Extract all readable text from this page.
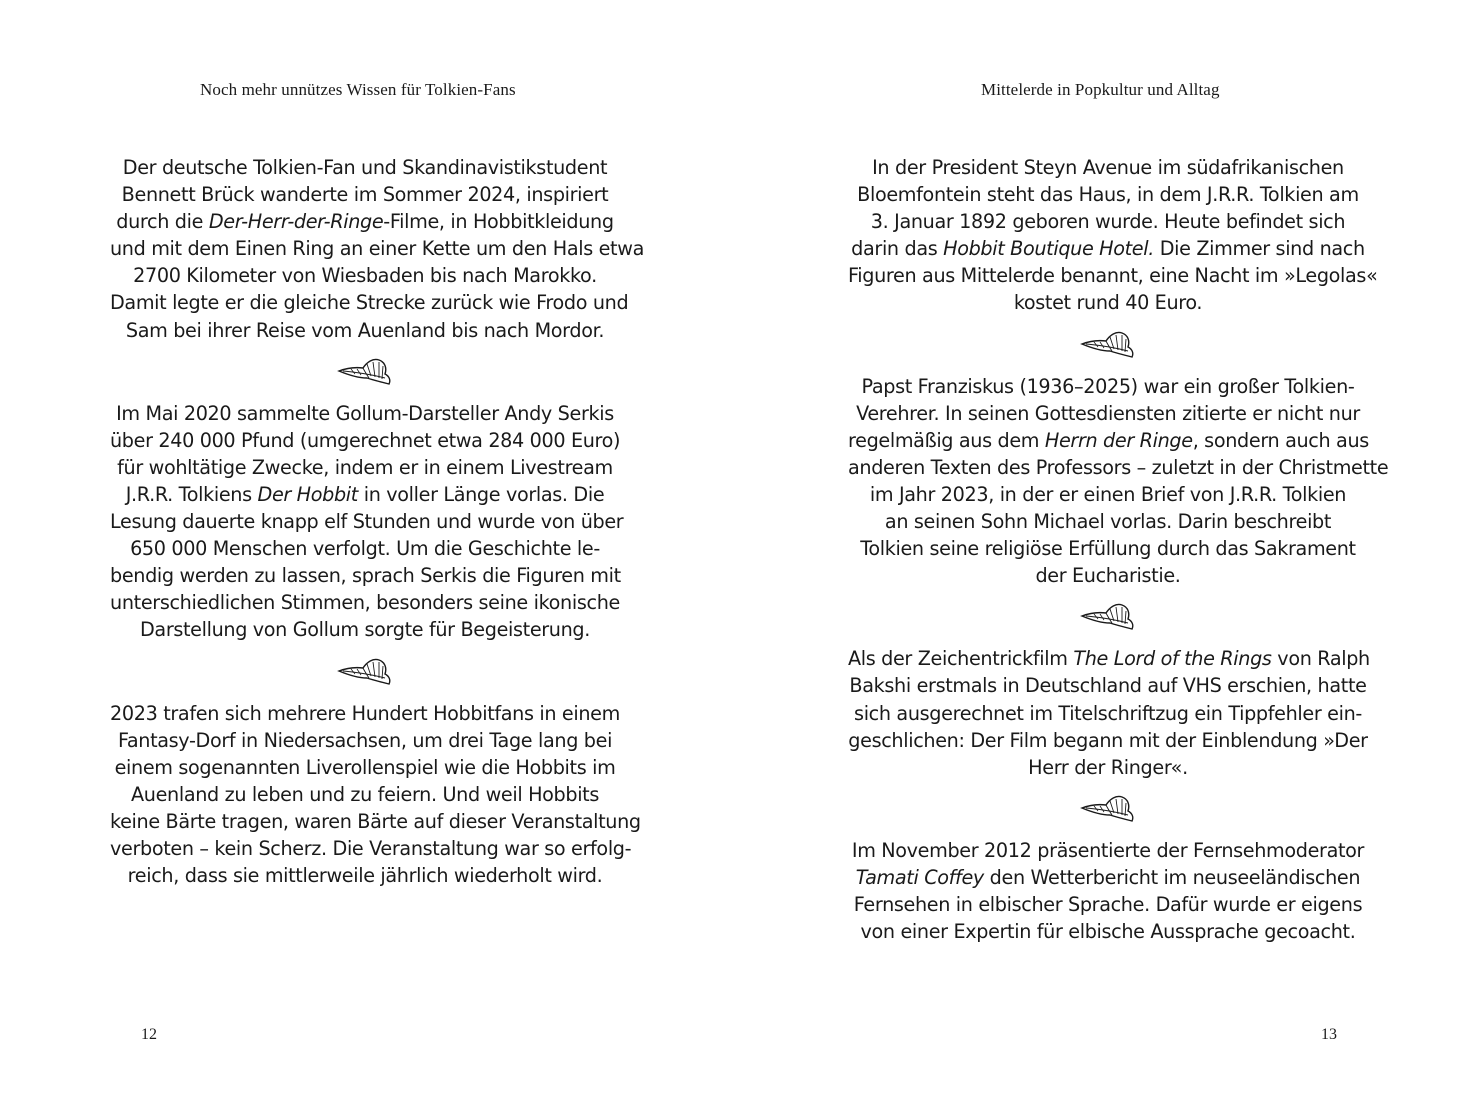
Noch mehr unnützes Wissen für Tolkien-Fans

Der deutsche Tolkien-Fan und Skandinavistikstudent
Bennett Brück wanderte im Sommer 2024, inspiriert
durch die Der-Herr-der-Ringe-Filme, in Hobbitkleidung
und mit dem Einen Ring an einer Kette um den Hals etwa
2700 Kilometer von Wiesbaden bis nach Marokko.
Damit legte er die gleiche Strecke zurück wie Frodo und
Sam bei ihrer Reise vom Auenland bis nach Mordor.

Im Mai 2020 sammelte Gollum-Darsteller Andy Serkis
über 240 000 Pfund (umgerechnet etwa 284 000 Euro)
für wohltätige Zwecke, indem er in einem Livestream
J.R.R. Tolkiens Der Hobbit in voller Länge vorlas. Die
Lesung dauerte knapp elf Stunden und wurde von über
650 000 Menschen verfolgt. Um die Geschichte le-
bendig werden zu lassen, sprach Serkis die Figuren mit
unterschiedlichen Stimmen, besonders seine ikonische
Darstellung von Gollum sorgte für Begeisterung.

2023 trafen sich mehrere Hundert Hobbitfans in einem
Fantasy-Dorf in Niedersachsen, um drei Tage lang bei
einem sogenannten Liverollenspiel wie die Hobbits im
Auenland zu leben und zu feiern. Und weil Hobbits
keine Bärte tragen, waren Bärte auf dieser Veranstaltung
verboten – kein Scherz. Die Veranstaltung war so erfolg-
reich, dass sie mittlerweile jährlich wiederholt wird.

12
Mittelerde in Popkultur und Alltag

In der President Steyn Avenue im südafrikanischen
Bloemfontein steht das Haus, in dem J.R.R. Tolkien am
3. Januar 1892 geboren wurde. Heute befindet sich
darin das Hobbit Boutique Hotel. Die Zimmer sind nach
Figuren aus Mittelerde benannt, eine Nacht im »Legolas«
kostet rund 40 Euro.

Papst Franziskus (1936–2025) war ein großer Tolkien-
Verehrer. In seinen Gottesdiensten zitierte er nicht nur
regelmäßig aus dem Herrn der Ringe, sondern auch aus
anderen Texten des Professors – zuletzt in der Christmette
im Jahr 2023, in der er einen Brief von J.R.R. Tolkien
an seinen Sohn Michael vorlas. Darin beschreibt
Tolkien seine religiöse Erfüllung durch das Sakrament
der Eucharistie.

Als der Zeichentrickfilm The Lord of the Rings von Ralph
Bakshi erstmals in Deutschland auf VHS erschien, hatte
sich ausgerechnet im Titelschriftzug ein Tippfehler ein-
geschlichen: Der Film begann mit der Einblendung »Der
Herr der Ringer«.

Im November 2012 präsentierte der Fernsehmoderator
Tamati Coffey den Wetterbericht im neuseeländischen
Fernsehen in elbischer Sprache. Dafür wurde er eigens
von einer Expertin für elbische Aussprache gecoacht.

13
